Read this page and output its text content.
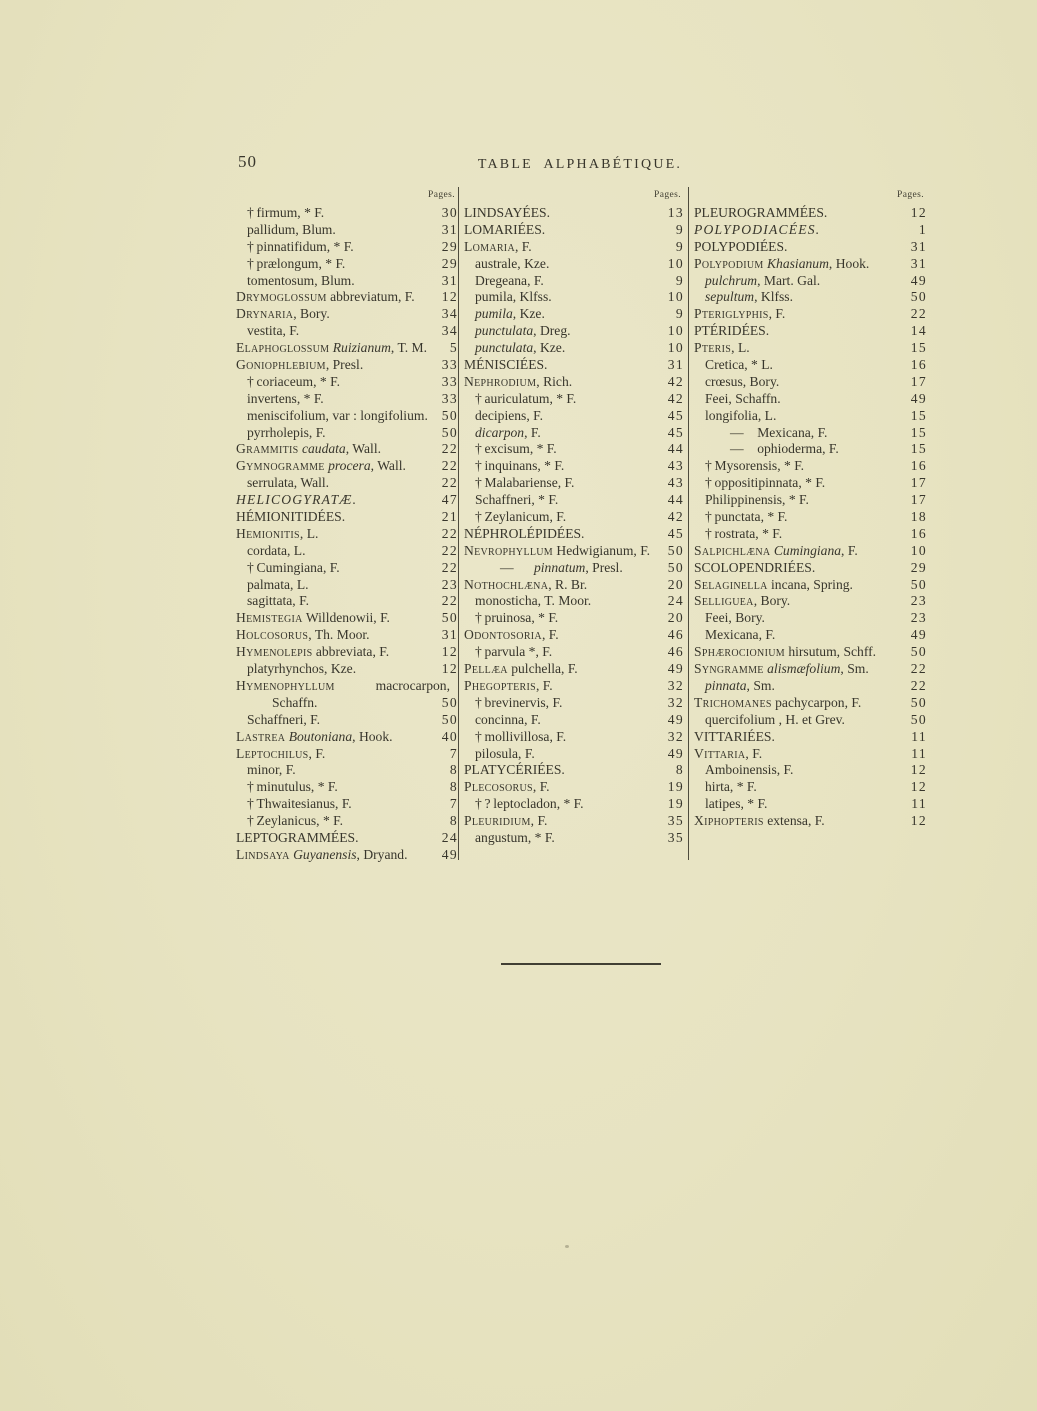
50	TABLE  ALPHABÉTIQUE.
Pages.
† firmum, * F.	30
pallidum, Blum.	31
† pinnatifidum, * F.	29
† prælongum, * F.	29
tomentosum, Blum.	31
Drymoglossum abbreviatum, F. 12
Drynaria, Bory.	34
vestita, F.	34
Elaphoglossum Ruizianum, T. M. 5
Goniophlebium, Presl.	33
† coriaceum, * F.	33
invertens, * F.	33
meniscifolium, var : longifolium. 50
pyrrholepis, F.	50
Grammitis caudata, Wall.	22
Gymnogramme procera, Wall.	22
serrulata, Wall.	22
HELICOGYRATÆ.	47
HÉMIONITIDÉES.	21
Hemionitis, L.	22
cordata, L.	22
† Cumingiana, F.	22
palmata, L.	23
sagittata, F.	22
Hemistegia Willdenowii, F.	50
Holcosorus, Th. Moor.	31
Hymenolepis abbreviata, F.	12
platyrhynchos, Kze.	12
Hymenophyllum	macrocarpon,
Schaffn.	50
Schaffneri, F.	50
Lastrea Boutoniana, Hook.	40
Leptochilus, F.	7
minor, F.	8
† minutulus, * F.	8
† Thwaitesianus, F.	7
† Zeylanicus, * F.	8
LEPTOGRAMMÉES.	24
Lindsaya Guyanensis, Dryand.	49
Pages.
LINDSAYÉES.	13
LOMARIÉES.	9
Lomaria, F.	9
australe, Kze.	10
Dregeana, F.	9
pumila, Klfss.	10
pumila, Kze.	9
punctulata, Dreg.	10
punctulata, Kze.	10
MÉNISCIÉES.	31
Nephrodium, Rich.	42
† auriculatum, * F.	42
decipiens, F.	45
dicarpon, F.	45
† excisum, * F.	44
† inquinans, * F.	43
† Malabariense, F.	43
Schaffneri, * F.	44
† Zeylanicum, F.	42
NÉPHROLÉPIDÉES.	45
Nevrophyllum Hedwigianum, F. 50
—  pinnatum, Presl.	50
Nothochlæna, R. Br.	20
monosticha, T. Moor.	24
† pruinosa, * F.	20
Odontosoria, F.	46
† parvula *, F.	46
Pellæa pulchella, F.	49
Phegopteris, F.	32
† brevinervis, F.	32
concinna, F.	49
† mollivillosa, F.	32
pilosula, F.	49
PLATYCÉRIÉES.	8
Plecosorus, F.	19
† ? leptocladon, * F.	19
Pleuridium, F.	35
angustum, * F.	35
Pages.
PLEUROGRAMMÉES.	12
POLYPODIACÉES.	1
POLYPODIÉES.	31
Polypodium Khasianum, Hook.	31
pulchrum, Mart. Gal.	49
sepultum, Klfss.	50
Pteriglyphis, F.	22
PTÉRIDÉES.	14
Pteris, L.	15
Cretica, * L.	16
crœsus, Bory.	17
Feei, Schaffn.	49
longifolia, L.	15
— Mexicana, F.	15
— ophioderma, F.	15
† Mysorensis, * F.	16
† oppositipinnata, * F.	17
Philippinensis, * F.	17
† punctata, * F.	18
† rostrata, * F.	16
Salpichlæna Cumingiana, F.	10
SCOLOPENDRIÉES.	29
Selaginella incana, Spring.	50
Selliguea, Bory.	23
Feei, Bory.	23
Mexicana, F.	49
Sphærocionium hirsutum, Schff.	50
Syngramme alismæfolium, Sm.	22
pinnata, Sm.	22
Trichomanes pachycarpon, F.	50
quercifolium , H. et Grev.	50
VITTARIÉES.	11
Vittaria, F.	11
Amboinensis, F.	12
hirta, * F.	12
latipes, * F.	11
Xiphopteris extensa, F.	12
